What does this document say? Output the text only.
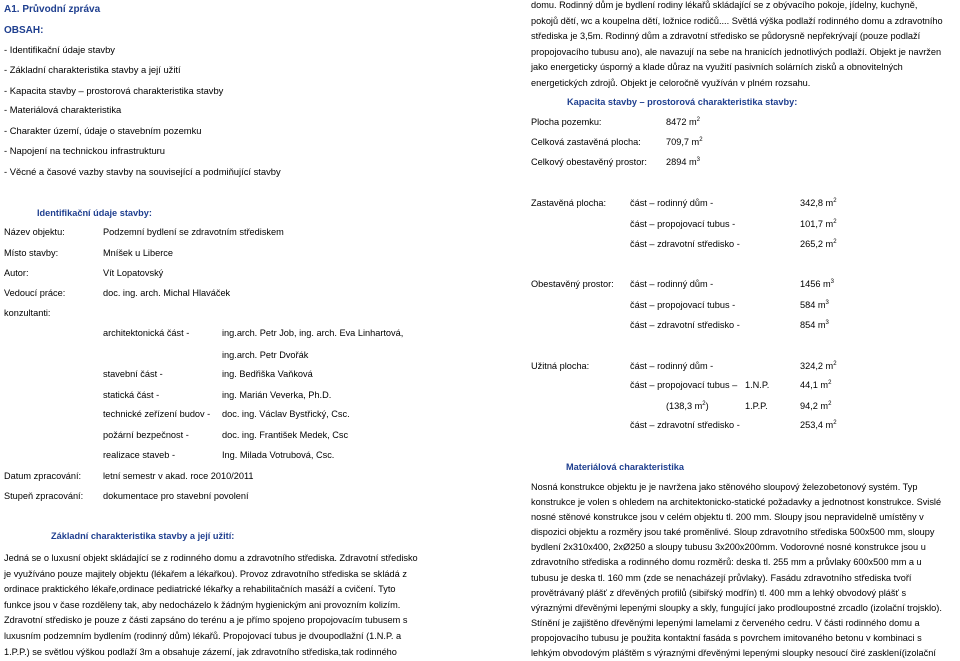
A1. Průvodní zpráva
OBSAH:
- Identifikační údaje stavby
- Základní charakteristika stavby a její užití
- Kapacita stavby – prostorová charakteristika stavby
- Materiálová charakteristika
- Charakter území, údaje o stavebním pozemku
- Napojení na technickou infrastrukturu
- Věcné a časové vazby stavby na související a podmiňující stavby
Identifikační údaje stavby:
Název objektu:	Podzemní bydlení se zdravotním střediskem
Místo stavby:	Mníšek u Liberce
Autor:	Vít Lopatovský
Vedoucí práce:	doc. ing. arch. Michal Hlaváček
konzultanti:
architektonická část -	ing.arch. Petr Job, ing. arch. Eva Linhartová,
ing.arch. Petr Dvořák
stavební část -	ing. Bedřiška Vaňková
statická část -	ing. Marián Veverka, Ph.D.
technické zeřízení budov - doc. ing. Václav Bystřický, Csc.
požární bezpečnost -	doc. ing. František Medek, Csc
realizace staveb -	Ing. Milada Votrubová, Csc.
Datum zpracování: letní semestr v akad. roce 2010/2011
Stupeň zpracování: dokumentace pro stavební povolení
Základní charakteristika stavby a její užití:
Jedná se o luxusní objekt skládající se z rodinného domu a zdravotního střediska. Zdravotní středisko
je využíváno pouze majitely objektu (lékařem a lékařkou). Provoz zdravotního střediska se skládá z
ordinace praktického lékaře,ordinace pediatrické lékařky a rehabilitačních masáží a cvičení. Tyto
funkce jsou v čase rozděleny tak, aby nedocházelo k žádným hygienickým ani provozním kolizím.
Zdravotní středisko je pouze z části zapsáno do terénu a je přímo spojeno propojovacím tubusem s
luxusním podzemním bydlením (rodinný dům) lékařů. Propojovací tubus je dvoupodlažní (1.N.P. a
1.P.P.) se světlou výškou podlaží 3m a obsahuje zázemí, jak zdravotního střediska,tak rodinného
domu. Rodinný dům je bydlení rodiny lékařů skládající se z obývacího pokoje, jídelny, kuchyně,
pokojů dětí, wc a koupelna dětí, ložnice rodičů.... Světlá výška podlaží rodinného domu a zdravotního
střediska je 3,5m. Rodinný dům a zdravotní středisko se půdorysně nepřekrývají (pouze podlaží
propojovacího tubusu ano), ale navazují na sebe na hranicích jednotlivých podlaží. Objekt je navržen
jako energeticky úsporný a klade důraz na využití pasivních solárních zisků a obnovitelných
energetických zdrojů. Objekt je celoročně využíván v plném rozsahu.
Kapacita stavby – prostorová charakteristika stavby:
Plocha pozemku:	8472 $m^2$
Celková zastavěná plocha:	709,7 $m^2$
Celkový obestavěný prostor: 2894 $m^3$
Zastavěná plocha:	část – rodinný dům -	342,8 $m^2$
část – propojovací tubus -	101,7 $m^2$
část – zdravotní středisko -	265,2 $m^2$
Obestavěný prostor: část – rodinný dům -	1456 $m^3$
část – propojovací tubus -	584 $m^3$
část – zdravotní středisko -	854 $m^3$
Užitná plocha:	část – rodinný dům -	324,2 $m^2$
část – propojovací tubus – 1.N.P.	44,1 $m^2$
(138,3 $m^2$)	1.P.P.	94,2 $m^2$
část – zdravotní středisko -	253,4 $m^2$
Materiálová charakteristika
Nosná konstrukce objektu je je navržena jako stěnového sloupový železobetonový systém. Typ
konstrukce je volen s ohledem na architektonicko-statické požadavky a jednotnost konstrukce. Svislé
nosné stěnové konstrukce jsou v celém objektu tl. 200 mm. Sloupy jsou nepravidelně umístěny v
dispozici objektu a rozměry jsou také proměnlivé. Sloup zdravotního střediska 500x500 mm, sloupy
bydlení 2x310x400, 2xØ250 a sloupy tubusu 3x200x200mm. Vodorovné nosné konstrukce jsou u
zdravotního střediska a rodinného domu rozměrů: deska tl. 255 mm a průvlaky 600x500 mm a u
tubusu je deska tl. 160 mm (zde se nenacházejí průvlaky). Fasádu zdravotního střediska tvoří
provětrávaný plášť z dřevěných profilů (sibiřský modřín) tl. 400 mm a lehký obvodový plášť s
výraznými dřevěnými lepenými sloupky a skly, fungující jako prodloupostné zrcadlo (izolační trojsklo).
Stínění je zajištěno dřevěnými lepenými lamelami z červeného cedru. V části rodinného domu a
propojovacího tubusu je použita kontaktní fasáda s povrchem imitovaného betonu v kombinaci s
lehkým obvodovým pláštěm s výraznými dřevěnými lepenými sloupky nesoucí čiré zasklení(izolační
